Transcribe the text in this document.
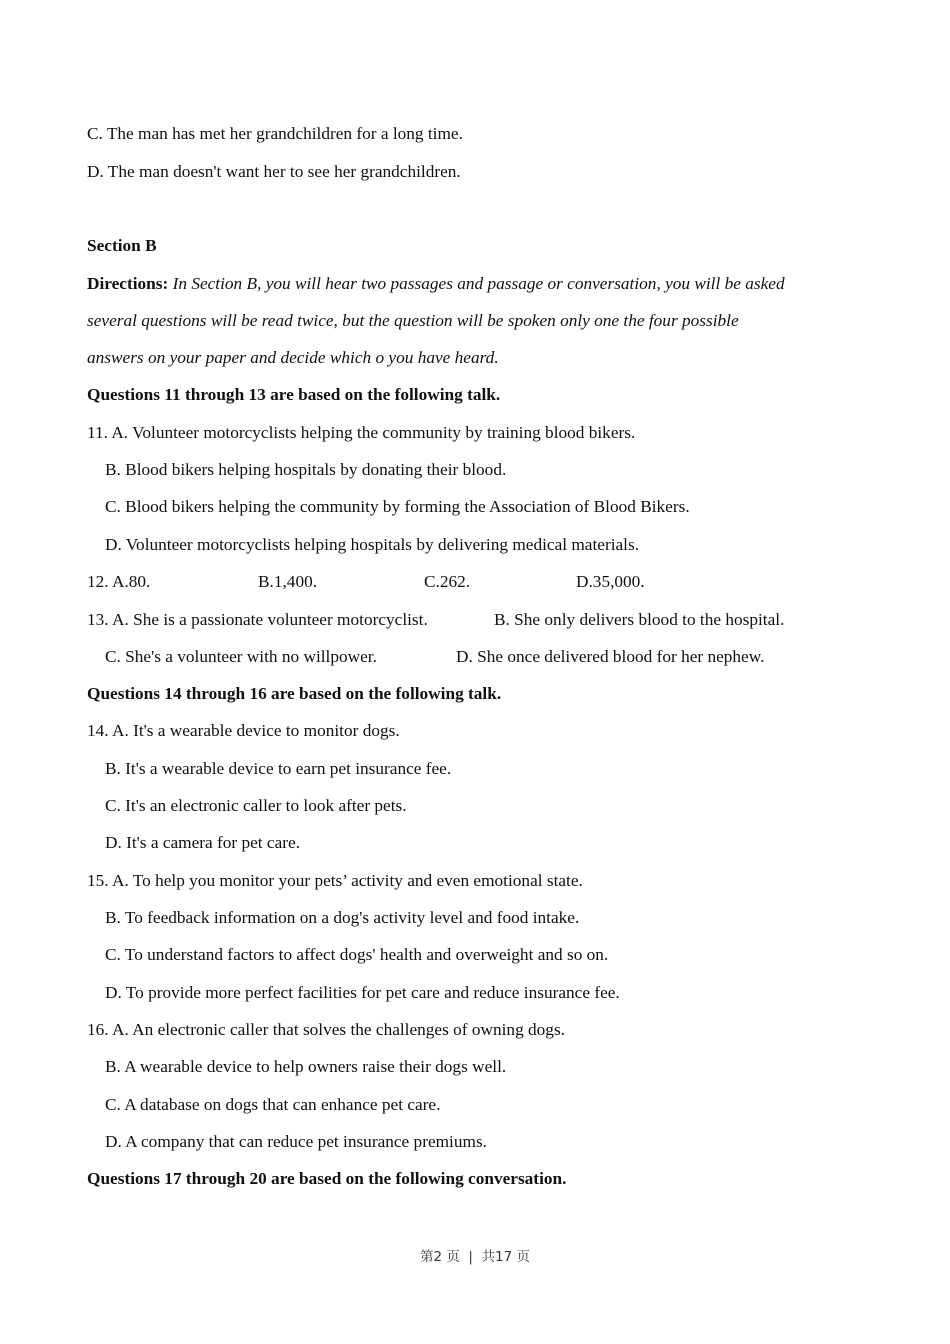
C. The man has met her grandchildren for a long time.
D. The man doesn't want her to see her grandchildren.
Section B
Directions: In Section B, you will hear two passages and passage or conversation, you will be asked
several questions will be read twice, but the question will be spoken only one the four possible
answers on your paper and decide which o you have heard.
Questions 11 through 13 are based on the following talk.
11. A. Volunteer motorcyclists helping the community by training blood bikers.
B. Blood bikers helping hospitals by donating their blood.
C. Blood bikers helping the community by forming the Association of Blood Bikers.
D. Volunteer motorcyclists helping hospitals by delivering medical materials.
12. A.80.	B.1,400.	C.262.	D.35,000.
13. A. She is a passionate volunteer motorcyclist.	B. She only delivers blood to the hospital.
C. She's a volunteer with no willpower.	D. She once delivered blood for her nephew.
Questions 14 through 16 are based on the following talk.
14. A. It's a wearable device to monitor dogs.
B. It's a wearable device to earn pet insurance fee.
C. It's an electronic caller to look after pets.
D. It's a camera for pet care.
15. A. To help you monitor your pets’ activity and even emotional state.
B. To feedback information on a dog's activity level and food intake.
C. To understand factors to affect dogs' health and overweight and so on.
D. To provide more perfect facilities for pet care and reduce insurance fee.
16. A. An electronic caller that solves the challenges of owning dogs.
B. A wearable device to help owners raise their dogs well.
C. A database on dogs that can enhance pet care.
D. A company that can reduce pet insurance premiums.
Questions 17 through 20 are based on the following conversation.
第2 页  |  共17 页
